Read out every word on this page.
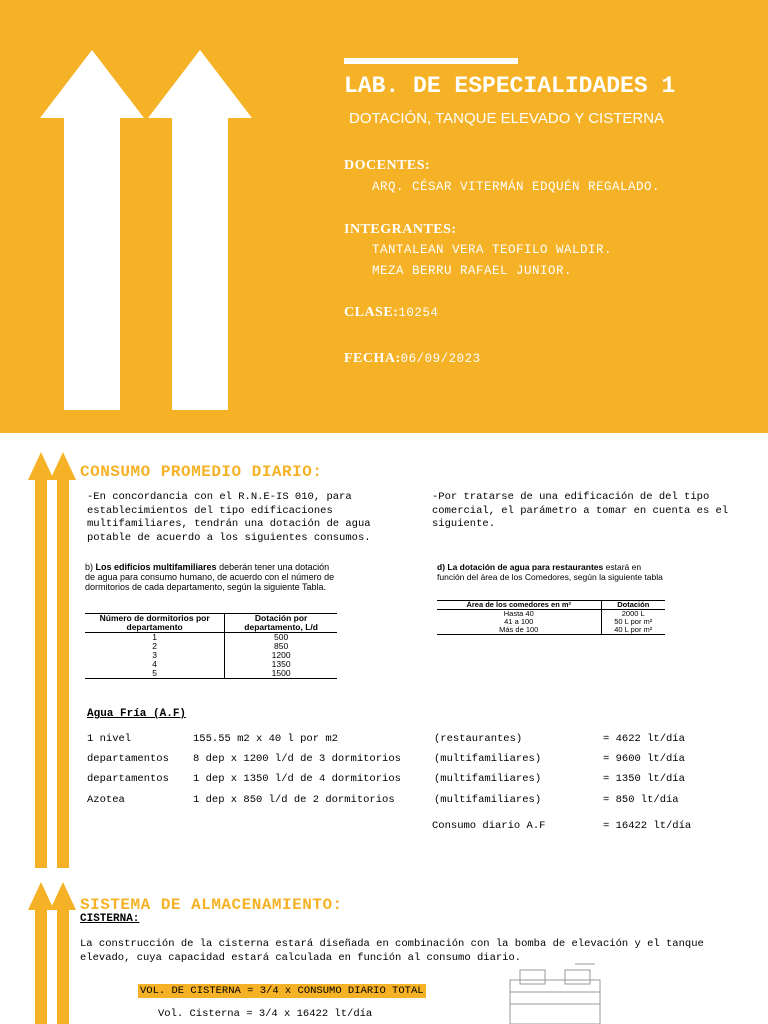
LAB. DE ESPECIALIDADES 1
DOTACIÓN, TANQUE ELEVADO Y CISTERNA
DOCENTES:
ARQ. CÉSAR VITERMÁN EDQUÉN REGALADO.
INTEGRANTES:
TANTALEAN VERA TEOFILO WALDIR.
MEZA BERRU RAFAEL JUNIOR.
CLASE:10254
FECHA:06/09/2023
CONSUMO PROMEDIO DIARIO:
-En concordancia con el R.N.E-IS 010, para establecimientos del tipo edificaciones multifamiliares, tendrán una dotación de agua potable de acuerdo a los siguientes consumos.
-Por tratarse de una edificación de del tipo comercial, el parámetro a tomar en cuenta es el siguiente.
b) Los edificios multifamiliares deberán tener una dotación de agua para consumo humano, de acuerdo con el número de dormitorios de cada departamento, según la siguiente Tabla.
Número de dormitorios por departamento	Dotación por departamento, L/d
1	500
2	850
3	1200
4	1350
5	1500
d) La dotación de agua para restaurantes estará en función del área de los Comedores, según la siguiente tabla
Área de los comedores en m²	Dotación
Hasta 40	2000 L
41 a 100	50 L por m²
Más de 100	40 L por m²
Agua Fría (A.F)
1 nivel	155.55 m2 x 40 l por m2	(restaurantes)	= 4622 lt/día
departamentos 8 dep x 1200 l/d de 3 dormitorios	(multifamiliares)	= 9600 lt/día
departamentos 1 dep x 1350 l/d de 4 dormitorios	(multifamiliares)	= 1350 lt/día
Azotea	1 dep x 850 l/d de 2 dormitorios	(multifamiliares)	= 850 lt/día
Consumo diario A.F	= 16422 lt/día
SISTEMA DE ALMACENAMIENTO:
CISTERNA:
La construcción de la cisterna estará diseñada en combinación con la bomba de elevación y el tanque elevado, cuya capacidad estará calculada en función al consumo diario.
VOL. DE CISTERNA = 3/4 x CONSUMO DIARIO TOTAL
Vol. Cisterna = 3/4 x 16422 lt/día
